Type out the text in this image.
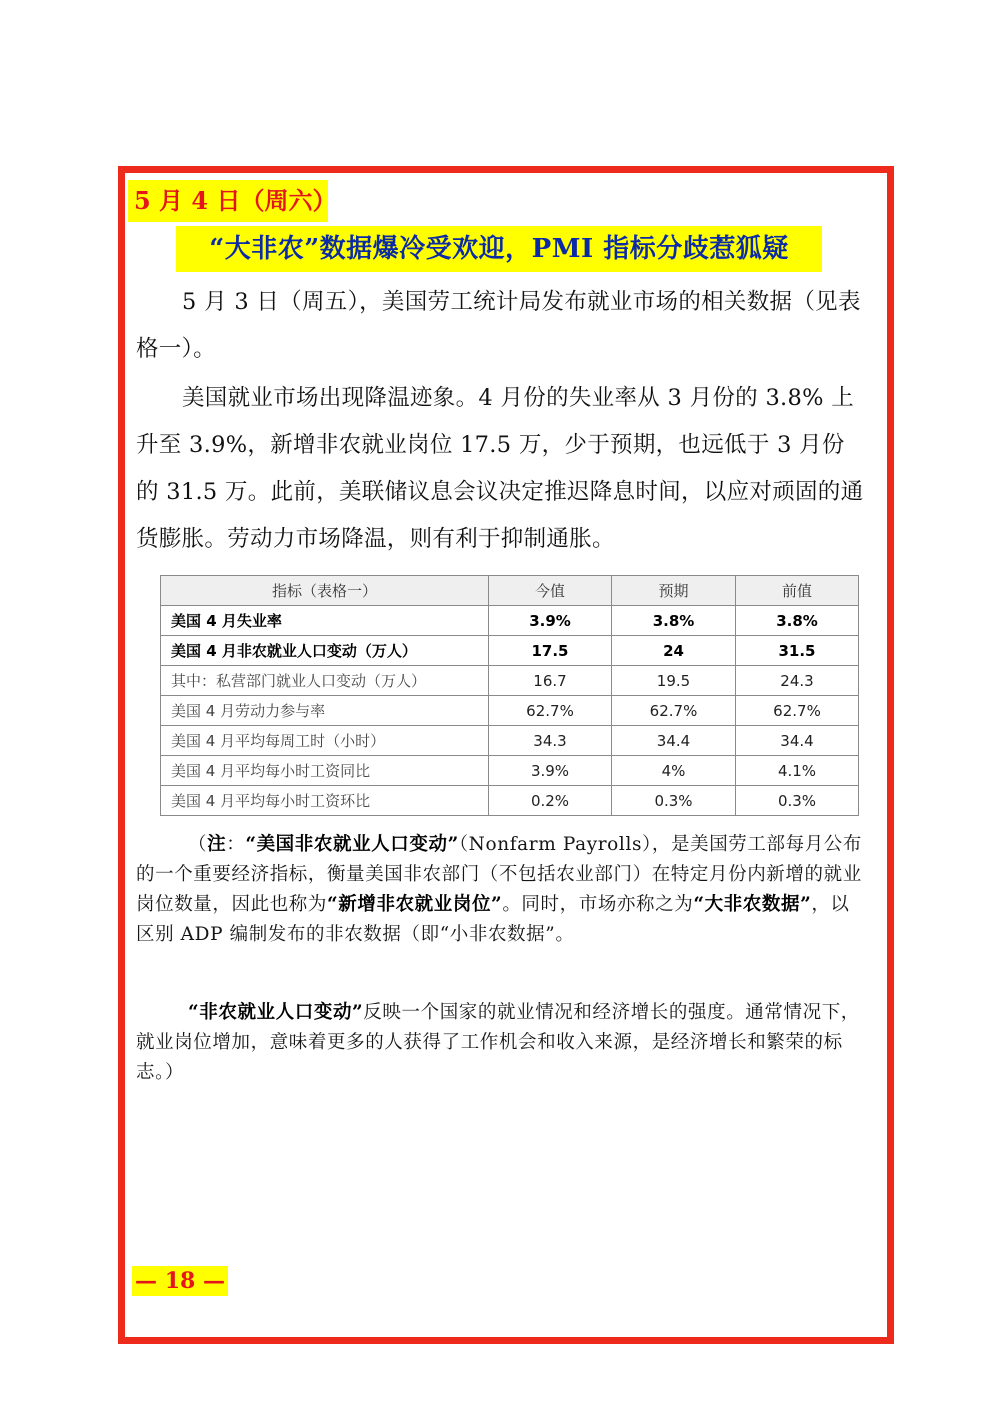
5 月 4 日（周六）
“大非农”数据爆冷受欢迎，PMI 指标分歧惹狐疑

5 月 3 日（周五），美国劳工统计局发布就业市场的相关数据（见表格一）。

美国就业市场出现降温迹象。4 月份的失业率从 3 月份的 3.8% 上升至 3.9%，新增非农就业岗位 17.5 万，少于预期，也远低于 3 月份的 31.5 万。此前，美联储议息会议决定推迟降息时间，以应对顽固的通货膨胀。劳动力市场降温，则有利于抑制通胀。

指标（表格一）	今值	预期	前值
美国 4 月失业率	3.9%	3.8%	3.8%
美国 4 月非农就业人口变动（万人）	17.5	24	31.5
其中：私营部门就业人口变动（万人）	16.7	19.5	24.3
美国 4 月劳动力参与率	62.7%	62.7%	62.7%
美国 4 月平均每周工时（小时）	34.3	34.4	34.4
美国 4 月平均每小时工资同比	3.9%	4%	4.1%
美国 4 月平均每小时工资环比	0.2%	0.3%	0.3%

（注：“美国非农就业人口变动”（Nonfarm Payrolls），是美国劳工部每月公布的一个重要经济指标，衡量美国非农部门（不包括农业部门）在特定月份内新增的就业岗位数量，因此也称为“新增非农就业岗位”。同时，市场亦称之为“大非农数据”，以区别 ADP 编制发布的非农数据（即“小非农数据”。

“非农就业人口变动”反映一个国家的就业情况和经济增长的强度。通常情况下，就业岗位增加，意味着更多的人获得了工作机会和收入来源，是经济增长和繁荣的标志。）

— 18 —
